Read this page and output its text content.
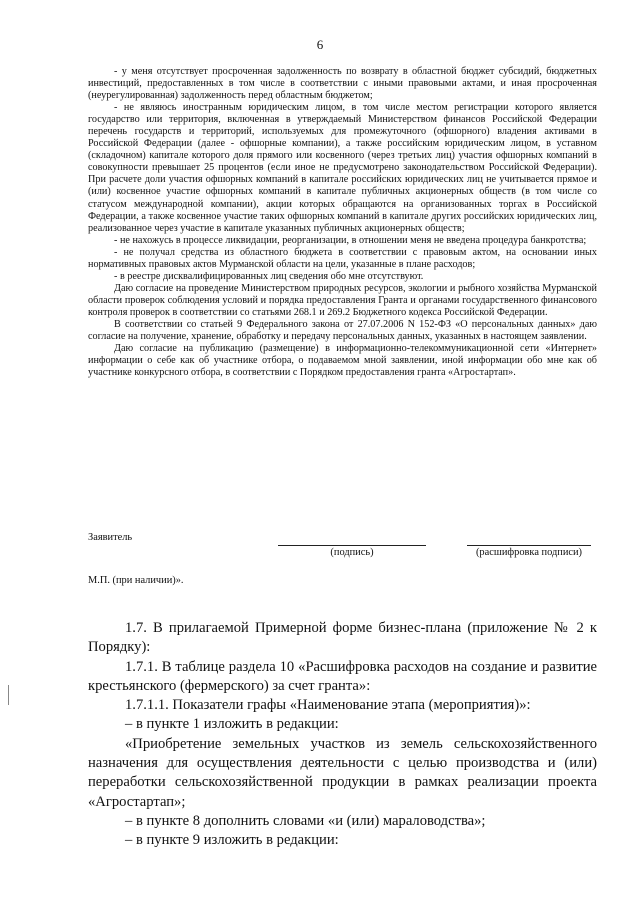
6

- у меня отсутствует просроченная задолженность по возврату в областной бюджет субсидий, бюджетных инвестиций, предоставленных в том числе в соответствии с иными правовыми актами, и иная просроченная (неурегулированная) задолженность перед областным бюджетом;

- не являюсь иностранным юридическим лицом, в том числе местом регистрации которого является государство или территория, включенная в утверждаемый Министерством финансов Российской Федерации перечень государств и территорий, используемых для промежуточного (офшорного) владения активами в Российской Федерации (далее - офшорные компании), а также российским юридическим лицом, в уставном (складочном) капитале которого доля прямого или косвенного (через третьих лиц) участия офшорных компаний в совокупности превышает 25 процентов (если иное не предусмотрено законодательством Российской Федерации). При расчете доли участия офшорных компаний в капитале российских юридических лиц не учитывается прямое и (или) косвенное участие офшорных компаний в капитале публичных акционерных обществ (в том числе со статусом международной компании), акции которых обращаются на организованных торгах в Российской Федерации, а также косвенное участие таких офшорных компаний в капитале других российских юридических лиц, реализованное через участие в капитале указанных публичных акционерных обществ;

- не нахожусь в процессе ликвидации, реорганизации, в отношении меня не введена процедура банкротства;

- не получал средства из областного бюджета в соответствии с правовым актом, на основании иных нормативных правовых актов Мурманской области на цели, указанные в плане расходов;

- в реестре дисквалифицированных лиц сведения обо мне отсутствуют.

Даю согласие на проведение Министерством природных ресурсов, экологии и рыбного хозяйства Мурманской области проверок соблюдения условий и порядка предоставления Гранта и органами государственного финансового контроля проверок в соответствии со статьями 268.1 и 269.2 Бюджетного кодекса Российской Федерации.

В соответствии со статьей 9 Федерального закона от 27.07.2006 N 152-ФЗ «О персональных данных» даю согласие на получение, хранение, обработку и передачу персональных данных, указанных в настоящем заявлении.

Даю согласие на публикацию (размещение) в информационно-телекоммуникационной сети «Интернет» информации о себе как об участнике отбора, о подаваемом мной заявлении, иной информации обо мне как об участнике конкурсного отбора, в соответствии с Порядком предоставления гранта «Агростартап».

Заявитель
(подпись)	(расшифровка подписи)
М.П. (при наличии)».

1.7. В прилагаемой Примерной форме бизнес-плана (приложение № 2 к Порядку):

1.7.1. В таблице раздела 10 «Расшифровка расходов на создание и развитие крестьянского (фермерского) за счет гранта»:

1.7.1.1. Показатели графы «Наименование этапа (мероприятия)»:

– в пункте 1 изложить в редакции:

«Приобретение земельных участков из земель сельскохозяйственного назначения для осуществления деятельности с целью производства и (или) переработки сельскохозяйственной продукции в рамках реализации проекта «Агростартап»;

– в пункте 8 дополнить словами «и (или) мараловодства»;

– в пункте 9 изложить в редакции:
